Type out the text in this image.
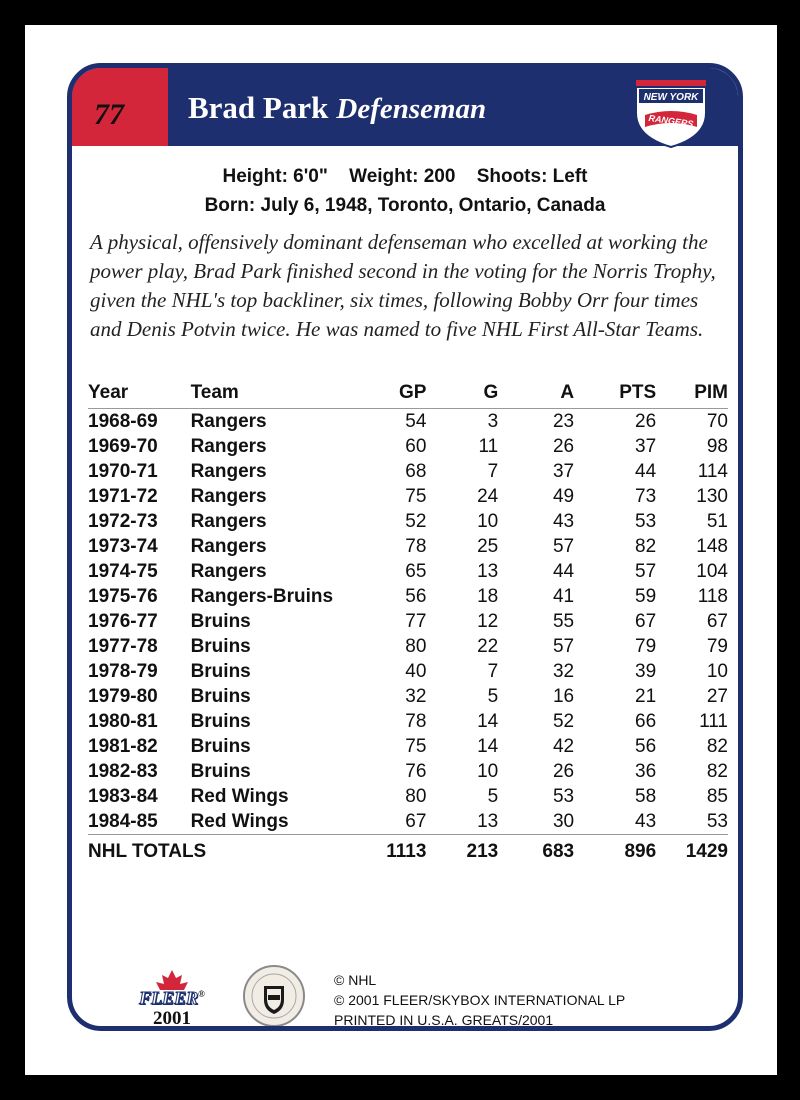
77 Brad Park Defenseman	NEW YORK
RANGERS
Height: 6'0" Weight: 200 Shoots: Left
Born: July 6, 1948, Toronto, Ontario, Canada
A physical, offensively dominant defenseman who excelled at working the power play, Brad Park finished second in the voting for the Norris Trophy, given the NHL's top backliner, six times, following Bobby Orr four times and Denis Potvin twice. He was named to five NHL First All-Star Teams.
Year	Team	GP	G	A	PTS	PIM
1968-69	Rangers	54	3	23	26	70
1969-70	Rangers	60	11	26	37	98
1970-71	Rangers	68	7	37	44	114
1971-72	Rangers	75	24	49	73	130
1972-73	Rangers	52	10	43	53	51
1973-74	Rangers	78	25	57	82	148
1974-75	Rangers	65	13	44	57	104
1975-76	Rangers-Bruins	56	18	41	59	118
1976-77	Bruins	77	12	55	67	67
1977-78	Bruins	80	22	57	79	79
1978-79	Bruins	40	7	32	39	10
1979-80	Bruins	32	5	16	21	27
1980-81	Bruins	78	14	52	66	111
1981-82	Bruins	75	14	42	56	82
1982-83	Bruins	76	10	26	36	82
1983-84	Red Wings	80	5	53	58	85
1984-85	Red Wings	67	13	30	43	53
NHL TOTALS		1113	213	683	896	1429
FLEER®
2001
© NHL
© 2001 FLEER/SKYBOX INTERNATIONAL LP
PRINTED IN U.S.A. GREATS/2001
